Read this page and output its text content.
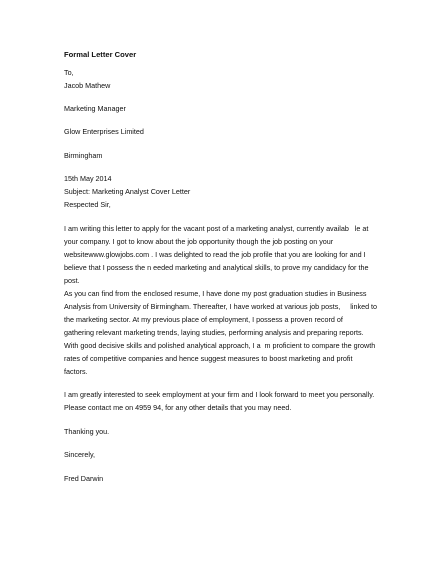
Formal Letter Cover
To,
Jacob Mathew
Marketing Manager
Glow Enterprises Limited
Birmingham
15th May 2014
Subject: Marketing Analyst Cover Letter
Respected Sir,
I am writing this letter to apply for the vacant post of a marketing analyst, currently availab   le at
your company. I got to know about the job opportunity though the job posting on your
websitewww.glowjobs.com . I was delighted to read the job profile that you are looking for and I
believe that I possess the n eeded marketing and analytical skills, to prove my candidacy for the
post.
As you can find from the enclosed resume, I have done my post graduation studies in Business
Analysis from University of Birmingham. Thereafter, I have worked at various job posts,     linked to
the marketing sector. At my previous place of employment, I possess a proven record of
gathering relevant marketing trends, laying studies, performing analysis and preparing reports.
With good decisive skills and polished analytical approach, I a  m proficient to compare the growth
rates of competitive companies and hence suggest measures to boost marketing and profit
factors.
I am greatly interested to seek employment at your firm and I look forward to meet you personally.
Please contact me on 4959 94, for any other details that you may need.
Thanking you.
Sincerely,
Fred Darwin
